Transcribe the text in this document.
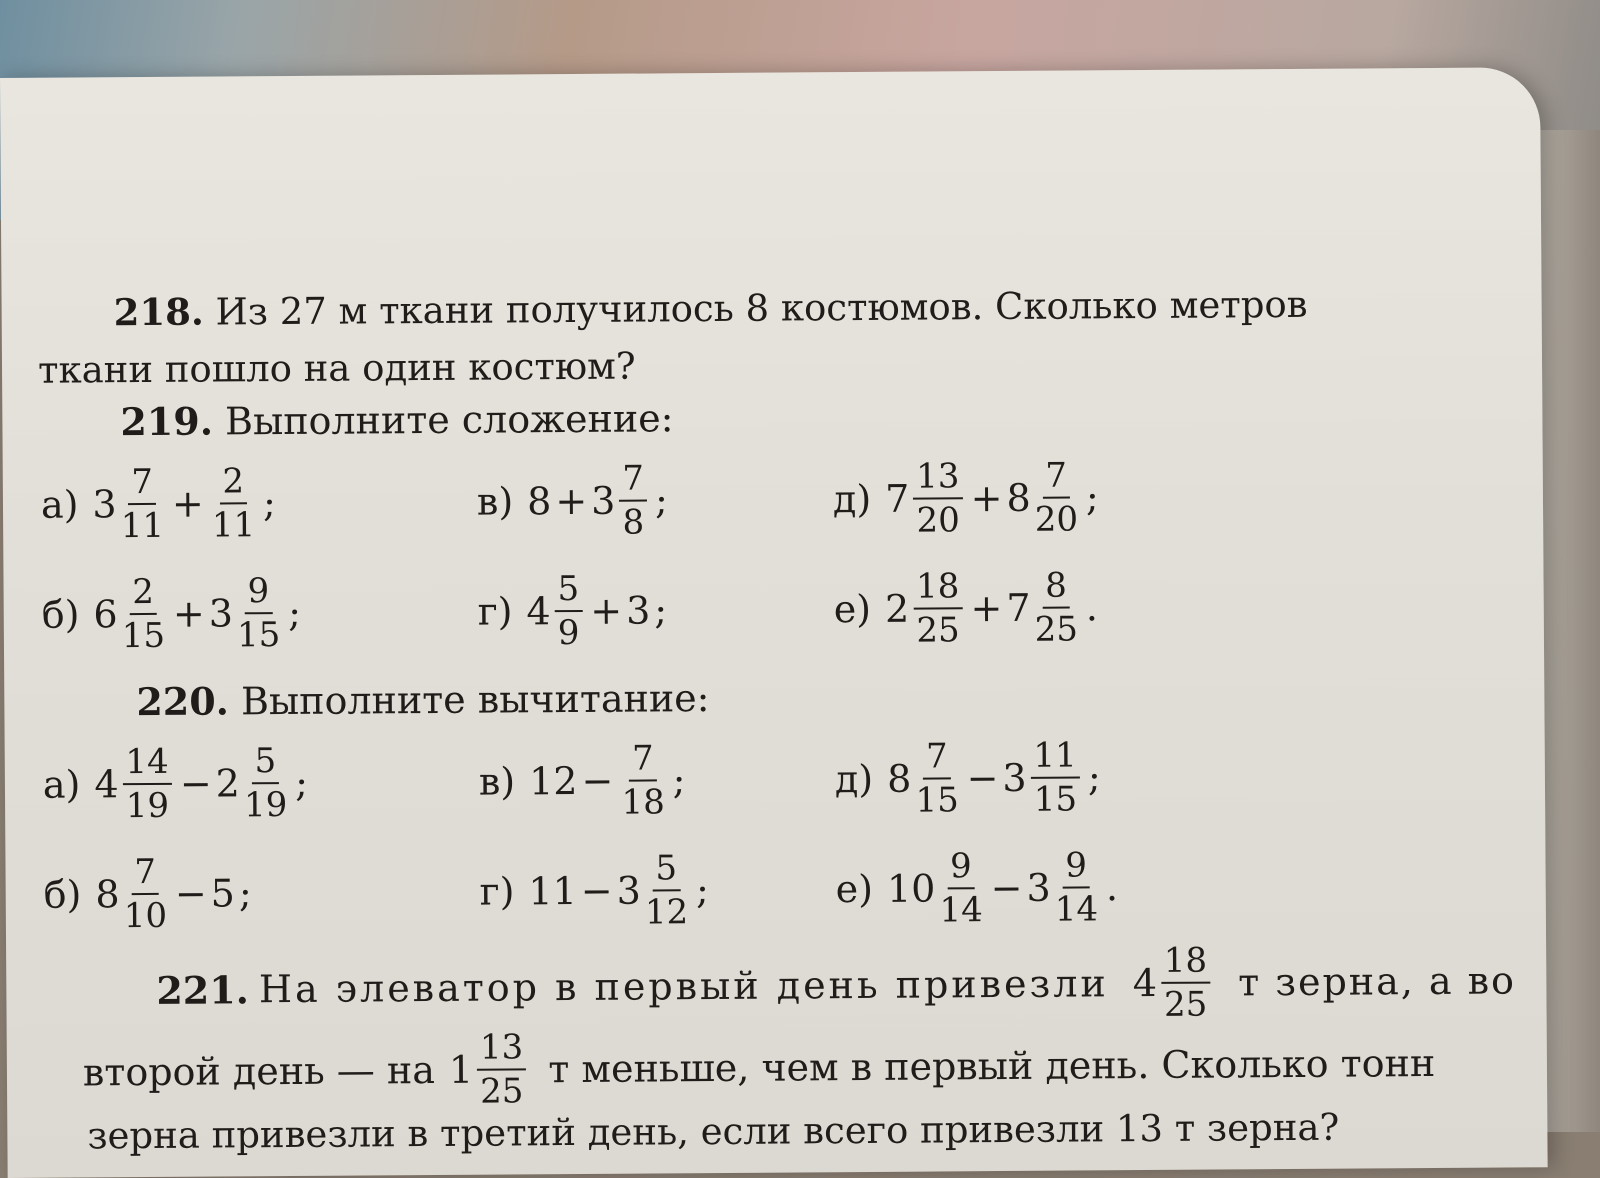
218. Из 27 м ткани получилось 8 костюмов. Сколько метров
ткани пошло на один костюм?
219. Выполните сложение:
а) $3 \frac{7}{11} + \frac{2}{11}$ ;	в) $8 + 3 \frac{7}{8}$ ;	д) $7 \frac{13}{20} + 8 \frac{7}{20}$ ;
б) $6 \frac{2}{15} + 3 \frac{9}{15}$ ;	г) $4 \frac{5}{9} + 3$ ;	е) $2 \frac{18}{25} + 7 \frac{8}{25}$ .
220. Выполните вычитание:
а) $4 \frac{14}{19} - 2 \frac{5}{19}$ ;	в) $12 - \frac{7}{18}$ ;	д) $8 \frac{7}{15} - 3 \frac{11}{15}$ ;
б) $8 \frac{7}{10} - 5$ ;	г) $11 - 3 \frac{5}{12}$ ;	е) $10 \frac{9}{14} - 3 \frac{9}{14}$ .
221. На элеватор в первый день привезли $4 \frac{18}{25}$ т зерна, а во
второй день — на $1 \frac{13}{25}$ т меньше, чем в первый день. Сколько тонн
зерна привезли в третий день, если всего привезли 13 т зерна?
